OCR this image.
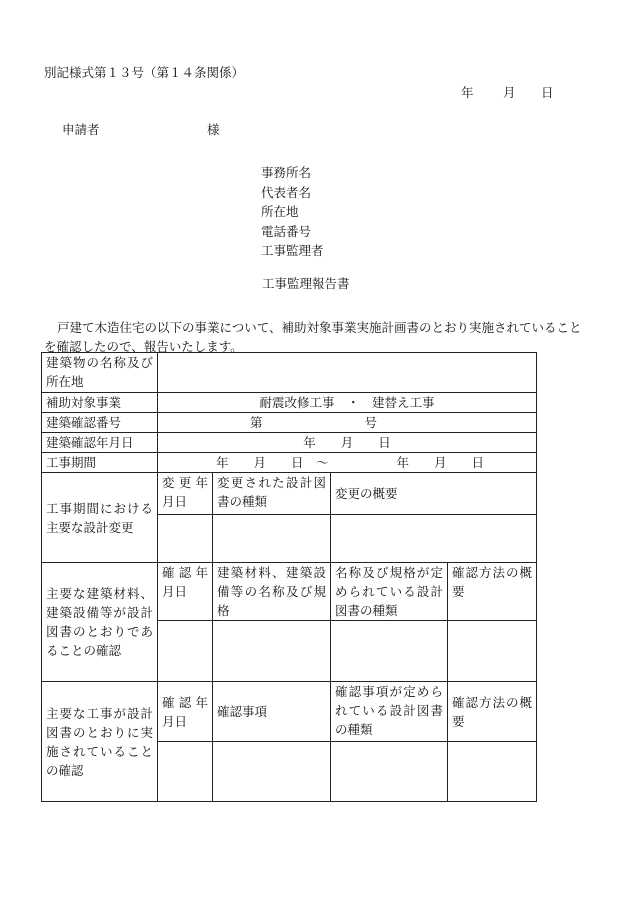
別記様式第１３号（第１４条関係）
年 月 日
申請者	様
事務所名
代表者名
所在地
電話番号
工事監理者
工事監理報告書
戸建て木造住宅の以下の事業について、補助対象事業実施計画書のとおり実施されていることを確認したので、報告いたします。
建築物の名称及び所在地				
補助対象事業	耐震改修工事　・　建替え工事			
建築確認番号	第 号			
建築確認年月日	年　　月　　日			
工事期間	年　　月　　日　〜 年　　月　　日			
工事期間における主要な設計変更	変更年月日	変更された設計図書の種類	変更の概要	

主要な建築材料、建築設備等が設計図書のとおりであることの確認	確認年月日	建築材料、建築設備等の名称及び規格	名称及び規格が定められている設計図書の種類	確認方法の概要

主要な工事が設計図書のとおりに実施されていることの確認	確認年月日	確認事項	確認事項が定められている設計図書の種類	確認方法の概要
